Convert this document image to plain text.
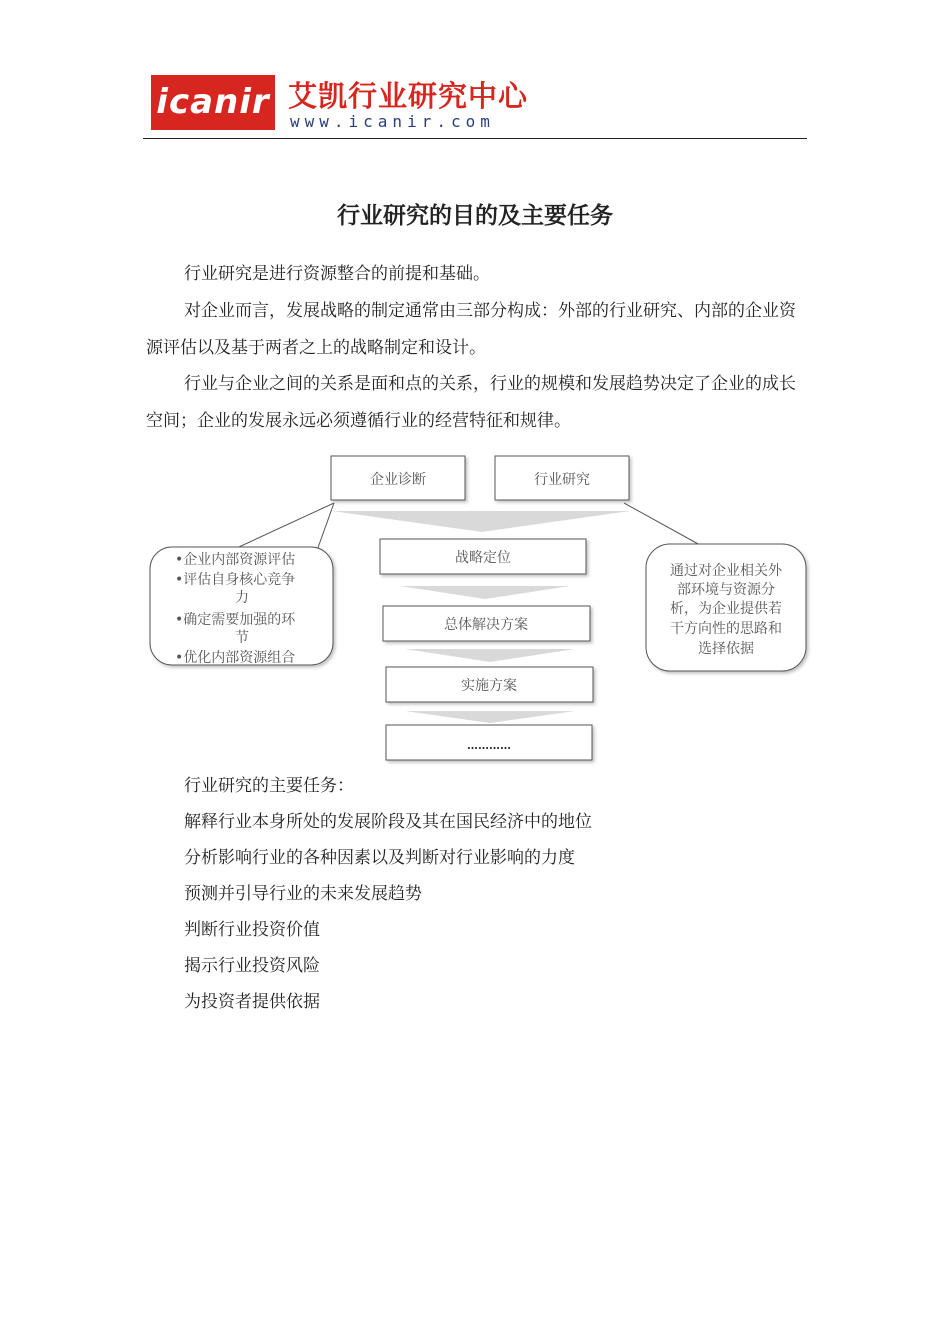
icanir 艾凯行业研究中心
www.icanir.com
行业研究的目的及主要任务

行业研究是进行资源整合的前提和基础。

对企业而言，发展战略的制定通常由三部分构成：外部的行业研究、内部的企业资源评估以及基于两者之上的战略制定和设计。

行业与企业之间的关系是面和点的关系，行业的规模和发展趋势决定了企业的成长空间；企业的发展永远必须遵循行业的经营特征和规律。

企业诊断	行业研究
战略定位
总体解决方案
实施方案
…………
•企业内部资源评估
•评估自身核心竞争
力
•确定需要加强的环
节
•优化内部资源组合
通过对企业相关外
部环境与资源分
析，为企业提供若
干方向性的思路和
选择依据

行业研究的主要任务：

解释行业本身所处的发展阶段及其在国民经济中的地位

分析影响行业的各种因素以及判断对行业影响的力度

预测并引导行业的未来发展趋势

判断行业投资价值

揭示行业投资风险

为投资者提供依据
